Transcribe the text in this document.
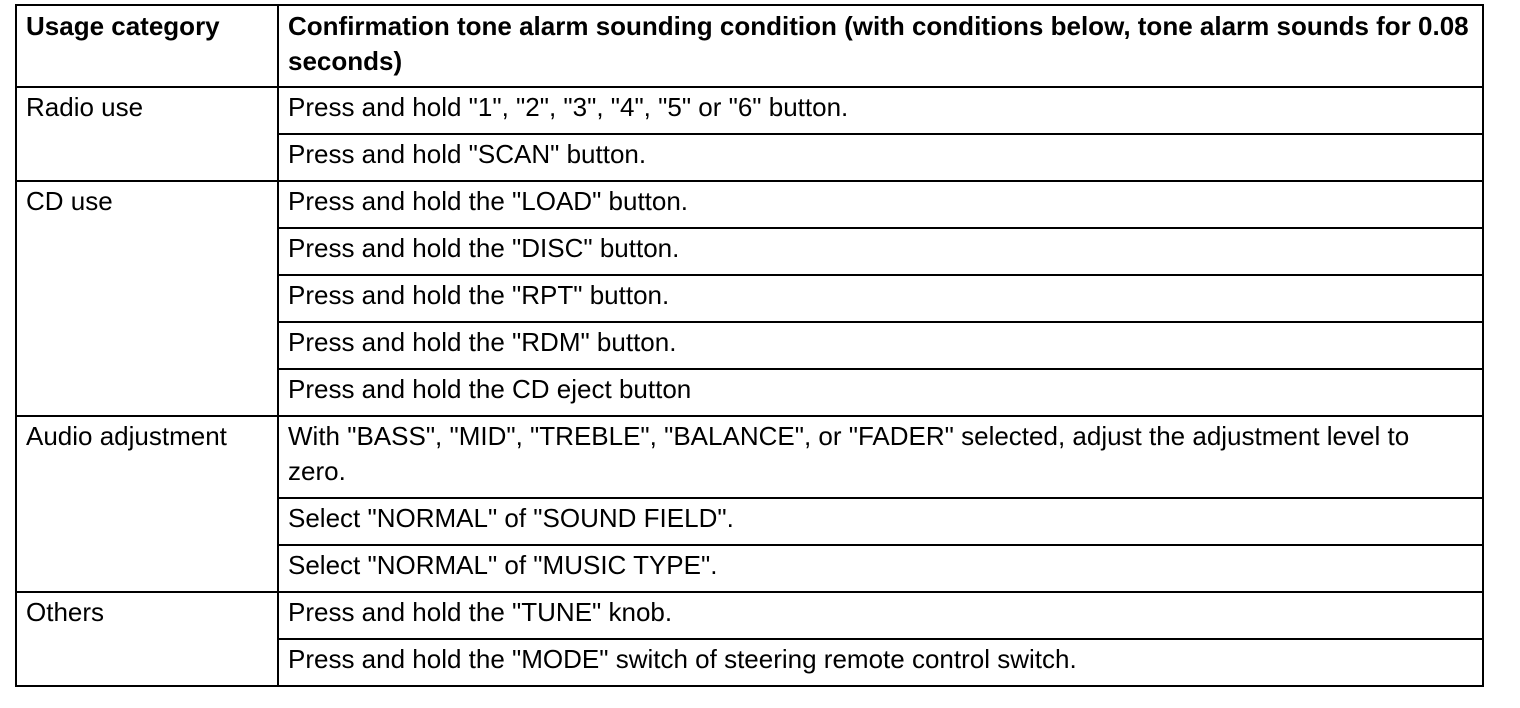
Usage category	Confirmation tone alarm sounding condition (with conditions below, tone alarm sounds for 0.08 seconds)
Radio use	Press and hold "1", "2", "3", "4", "5" or "6" button.
	Press and hold "SCAN" button.
CD use	Press and hold the "LOAD" button.
	Press and hold the "DISC" button.
	Press and hold the "RPT" button.
	Press and hold the "RDM" button.
	Press and hold the CD eject button
Audio adjustment	With "BASS", "MID", "TREBLE", "BALANCE", or "FADER" selected, adjust the adjustment level to zero.
	Select "NORMAL" of "SOUND FIELD".
	Select "NORMAL" of "MUSIC TYPE".
Others	Press and hold the "TUNE" knob.
	Press and hold the "MODE" switch of steering remote control switch.
